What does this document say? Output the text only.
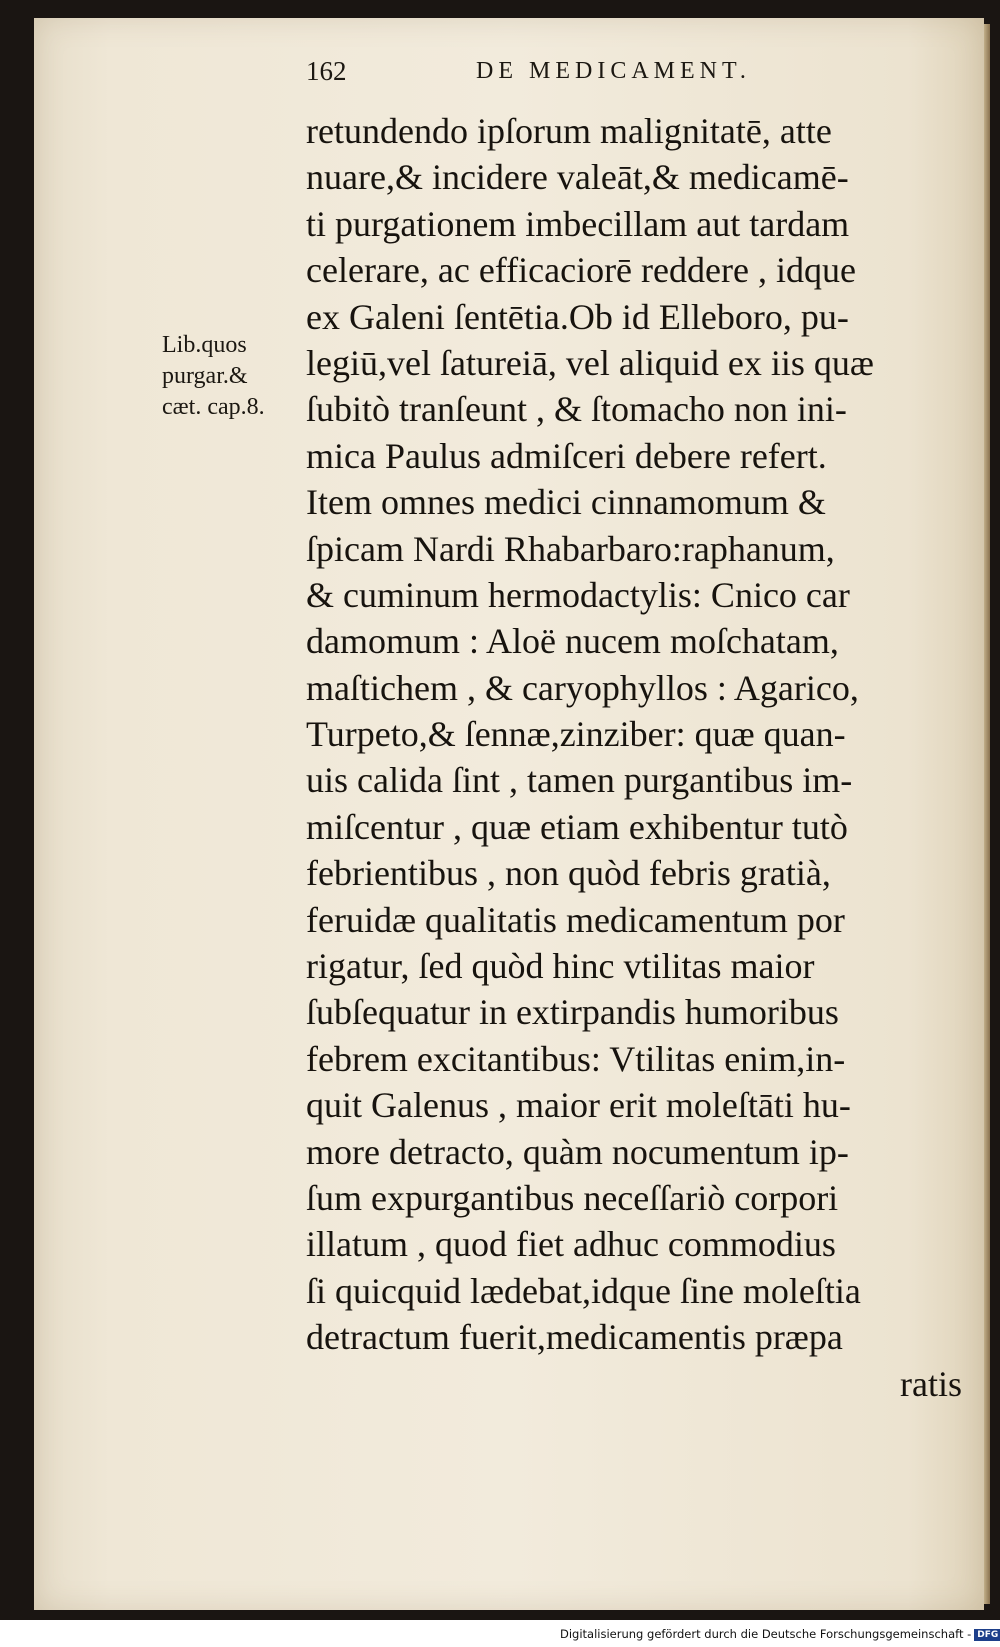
162	DE MEDICAMENT.
Lib.quos
purgar.&
cæt. cap.8.
retundendo ipſorum malignitatē, atte
nuare,& incidere valeāt,& medicamē-
ti purgationem imbecillam aut tardam
celerare, ac efficaciorē reddere , idque
ex Galeni ſentētia.Ob id Elleboro, pu-
legiū,vel ſatureiā, vel aliquid ex iis quæ
ſubitò tranſeunt , & ſtomacho non ini-
mica Paulus admiſceri debere refert.
Item omnes medici cinnamomum &
ſpicam Nardi Rhabarbaro:raphanum,
& cuminum hermodactylis: Cnico car
damomum : Aloë nucem moſchatam,
maſtichem , & caryophyllos : Agarico,
Turpeto,& ſennæ,zinziber: quæ quan-
uis calida ſint , tamen purgantibus im-
miſcentur , quæ etiam exhibentur tutò
febrientibus , non quòd febris gratià,
feruidæ qualitatis medicamentum por
rigatur, ſed quòd hinc vtilitas maior
ſubſequatur in extirpandis humoribus
febrem excitantibus: Vtilitas enim,in-
quit Galenus , maior erit moleſtāti hu-
more detracto, quàm nocumentum ip-
ſum expurgantibus neceſſariò corpori
illatum , quod fiet adhuc commodius
ſi quicquid lædebat,idque ſine moleſtia
detractum fuerit,medicamentis præpa
ratis
Digitalisierung gefördert durch die Deutsche Forschungsgemeinschaft - DFG
